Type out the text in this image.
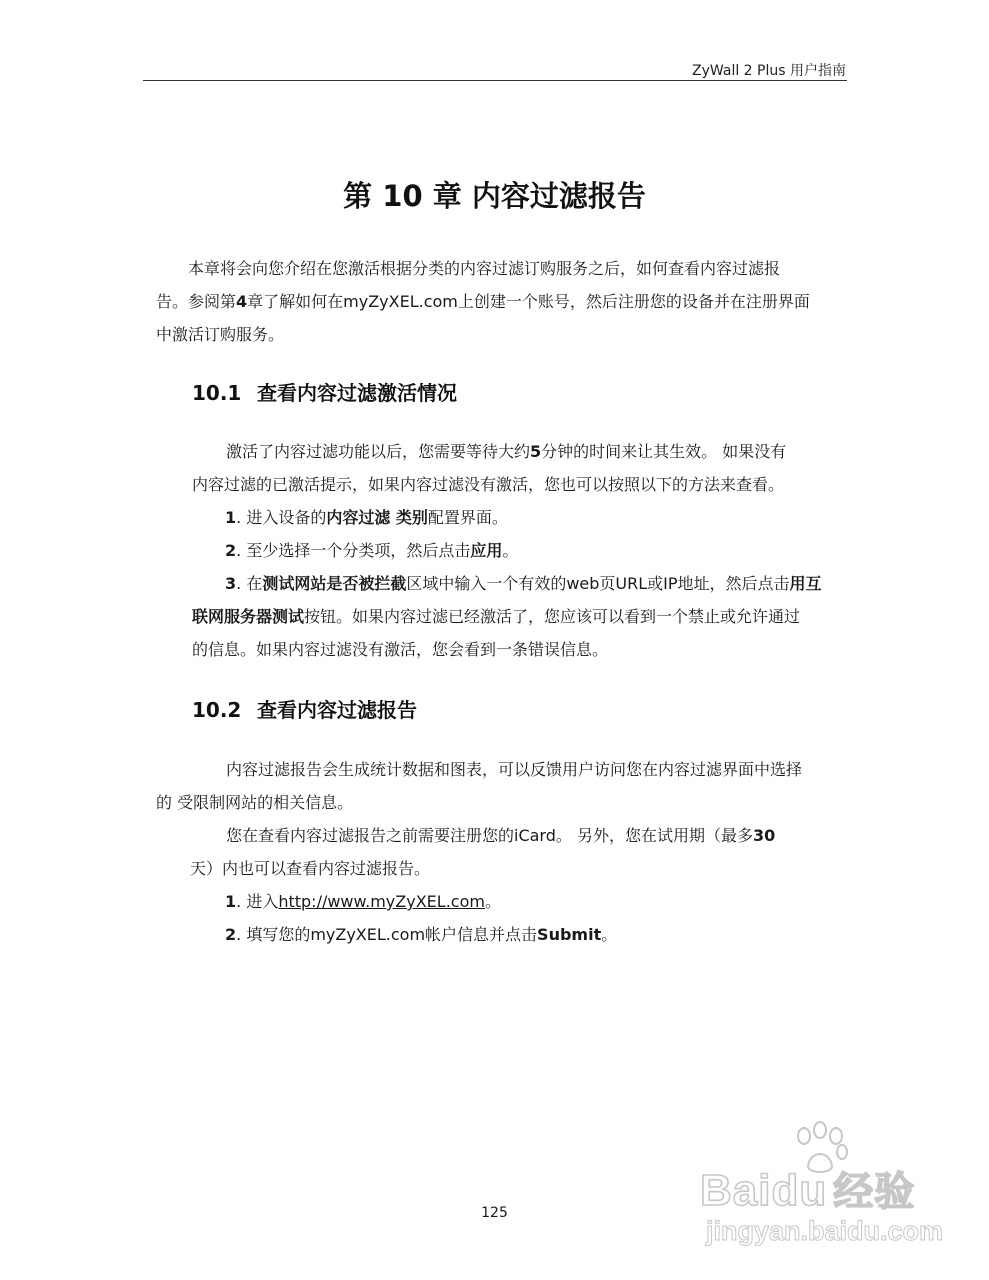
ZyWall 2 Plus 用户指南
第 10 章 内容过滤报告
本章将会向您介绍在您激活根据分类的内容过滤订购服务之后，如何查看内容过滤报
告。参阅第4章了解如何在myZyXEL.com上创建一个账号，然后注册您的设备并在注册界面
中激活订购服务。
10.1 查看内容过滤激活情况
激活了内容过滤功能以后，您需要等待大约5分钟的时间来让其生效。 如果没有
内容过滤的已激活提示，如果内容过滤没有激活，您也可以按照以下的方法来查看。
1. 进入设备的内容过滤 类别配置界面。
2. 至少选择一个分类项，然后点击应用。
3. 在测试网站是否被拦截区域中输入一个有效的web页URL或IP地址，然后点击用互
联网服务器测试按钮。如果内容过滤已经激活了，您应该可以看到一个禁止或允许通过
的信息。如果内容过滤没有激活，您会看到一条错误信息。
10.2 查看内容过滤报告
内容过滤报告会生成统计数据和图表，可以反馈用户访问您在内容过滤界面中选择
的 受限制网站的相关信息。
您在查看内容过滤报告之前需要注册您的iCard。 另外，您在试用期（最多30
天）内也可以查看内容过滤报告。
1. 进入http://www.myZyXEL.com。
2. 填写您的myZyXEL.com帐户信息并点击Submit。
125	Baidu 经验
jingyan.baidu.com
